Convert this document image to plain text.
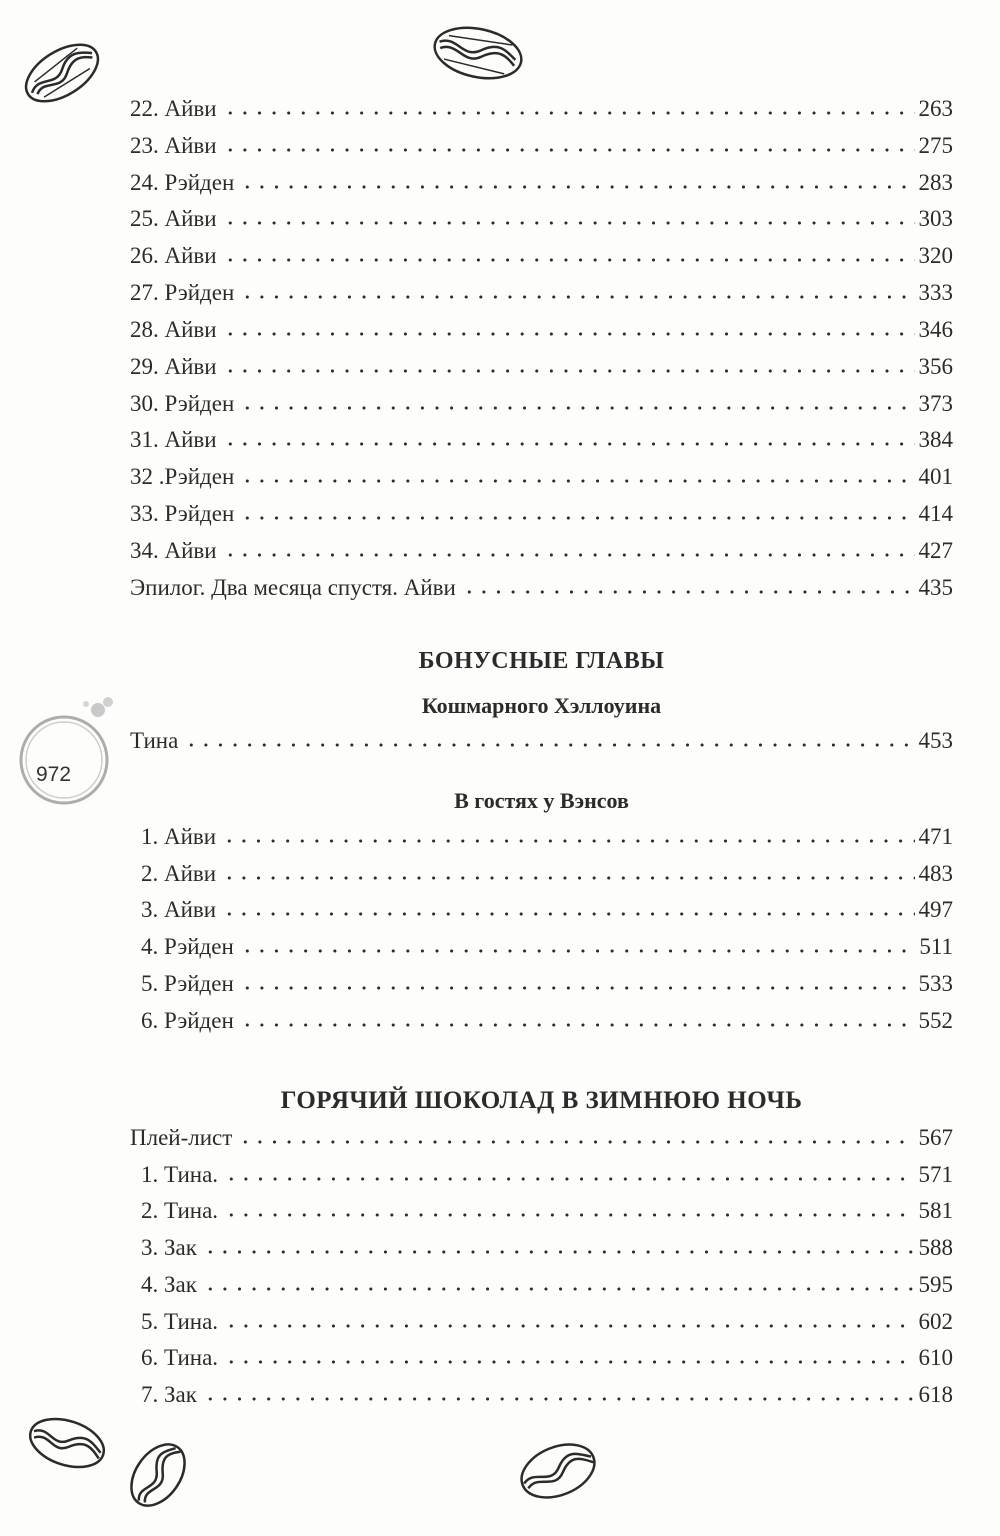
972
22. Айви	263
23. Айви	275
24. Рэйден	283
25. Айви	303
26. Айви	320
27. Рэйден	333
28. Айви	346
29. Айви	356
30. Рэйден	373
31. Айви	384
32 .Рэйден	401
33. Рэйден	414
34. Айви	427
Эпилог. Два месяца спустя. Айви	435
БОНУСНЫЕ ГЛАВЫ
Кошмарного Хэллоуина
Тина	453
В гостях у Вэнсов
1. Айви	471
2. Айви	483
3. Айви	497
4. Рэйден	511
5. Рэйден	533
6. Рэйден	552
ГОРЯЧИЙ ШОКОЛАД В ЗИМНЮЮ НОЧЬ
Плей-лист	567
1. Тина.	571
2. Тина.	581
3. Зак	588
4. Зак	595
5. Тина.	602
6. Тина.	610
7. Зак	618
